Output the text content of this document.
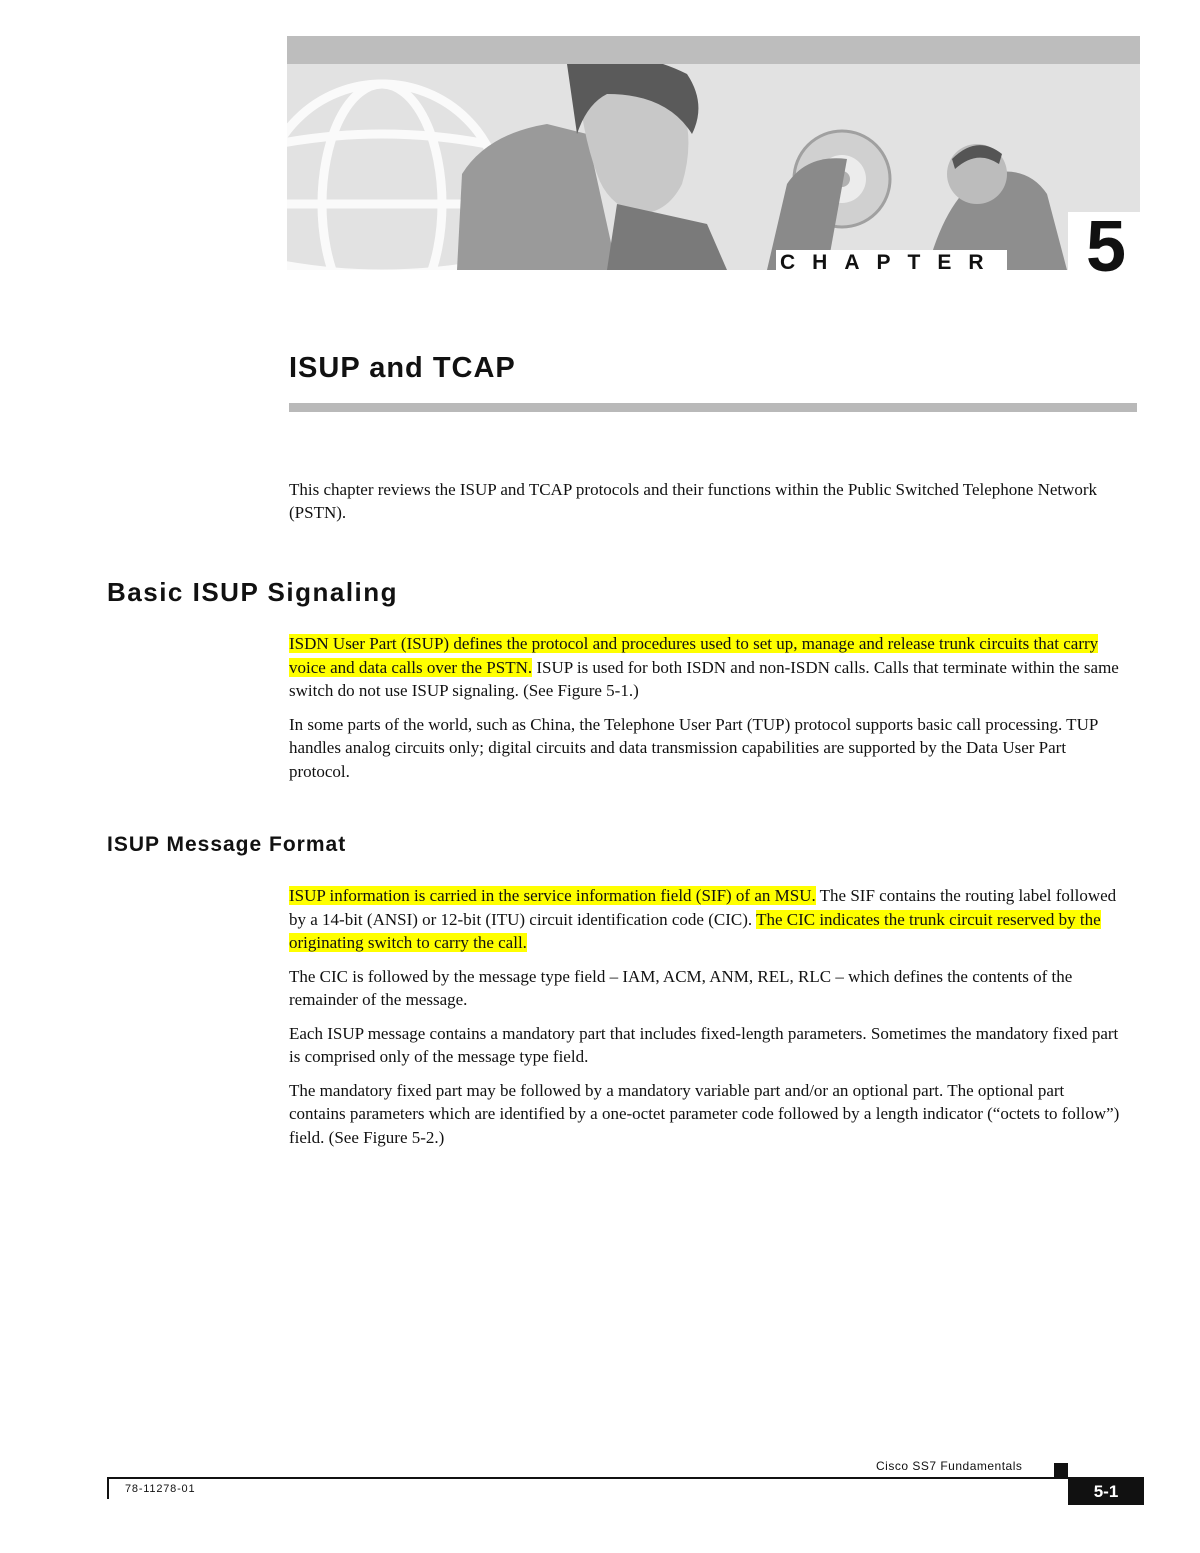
CHAPTER 5
ISUP and TCAP

This chapter reviews the ISUP and TCAP protocols and their functions within the Public Switched Telephone Network (PSTN).

Basic ISUP Signaling

ISDN User Part (ISUP) defines the protocol and procedures used to set up, manage and release trunk circuits that carry voice and data calls over the PSTN. ISUP is used for both ISDN and non-ISDN calls. Calls that terminate within the same switch do not use ISUP signaling. (See Figure 5-1.)

In some parts of the world, such as China, the Telephone User Part (TUP) protocol supports basic call processing. TUP handles analog circuits only; digital circuits and data transmission capabilities are supported by the Data User Part protocol.

ISUP Message Format

ISUP information is carried in the service information field (SIF) of an MSU. The SIF contains the routing label followed by a 14-bit (ANSI) or 12-bit (ITU) circuit identification code (CIC). The CIC indicates the trunk circuit reserved by the originating switch to carry the call.

The CIC is followed by the message type field – IAM, ACM, ANM, REL, RLC – which defines the contents of the remainder of the message.

Each ISUP message contains a mandatory part that includes fixed-length parameters. Sometimes the mandatory fixed part is comprised only of the message type field.

The mandatory fixed part may be followed by a mandatory variable part and/or an optional part. The optional part contains parameters which are identified by a one-octet parameter code followed by a length indicator (“octets to follow”) field. (See Figure 5-2.)

Cisco SS7 Fundamentals
78-11278-01	5-1
